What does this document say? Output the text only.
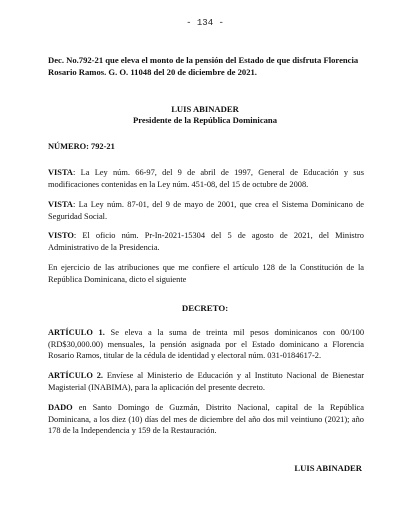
- 134 -
Dec. No.792-21 que eleva el monto de la pensión del Estado de que disfruta Florencia Rosario Ramos. G. O. 11048 del 20 de diciembre de 2021.
LUIS ABINADER
Presidente de la República Dominicana
NÚMERO: 792-21
VISTA: La Ley núm. 66-97, del 9 de abril de 1997, General de Educación y sus modificaciones contenidas en la Ley núm. 451-08, del 15 de octubre de 2008.
VISTA: La Ley núm. 87-01, del 9 de mayo de 2001, que crea el Sistema Dominicano de Seguridad Social.
VISTO: El oficio núm. Pr-In-2021-15304 del 5 de agosto de 2021, del Ministro Administrativo de la Presidencia.
En ejercicio de las atribuciones que me confiere el artículo 128 de la Constitución de la República Dominicana, dicto el siguiente
DECRETO:
ARTÍCULO 1. Se eleva a la suma de treinta mil pesos dominicanos con 00/100 (RD$30,000.00) mensuales, la pensión asignada por el Estado dominicano a Florencia Rosario Ramos, titular de la cédula de identidad y electoral núm. 031-0184617-2.
ARTÍCULO 2. Envíese al Ministerio de Educación y al Instituto Nacional de Bienestar Magisterial (INABIMA), para la aplicación del presente decreto.
DADO en Santo Domingo de Guzmán, Distrito Nacional, capital de la República Dominicana, a los diez (10) días del mes de diciembre del año dos mil veintiuno (2021); año 178 de la Independencia y 159 de la Restauración.
LUIS ABINADER
